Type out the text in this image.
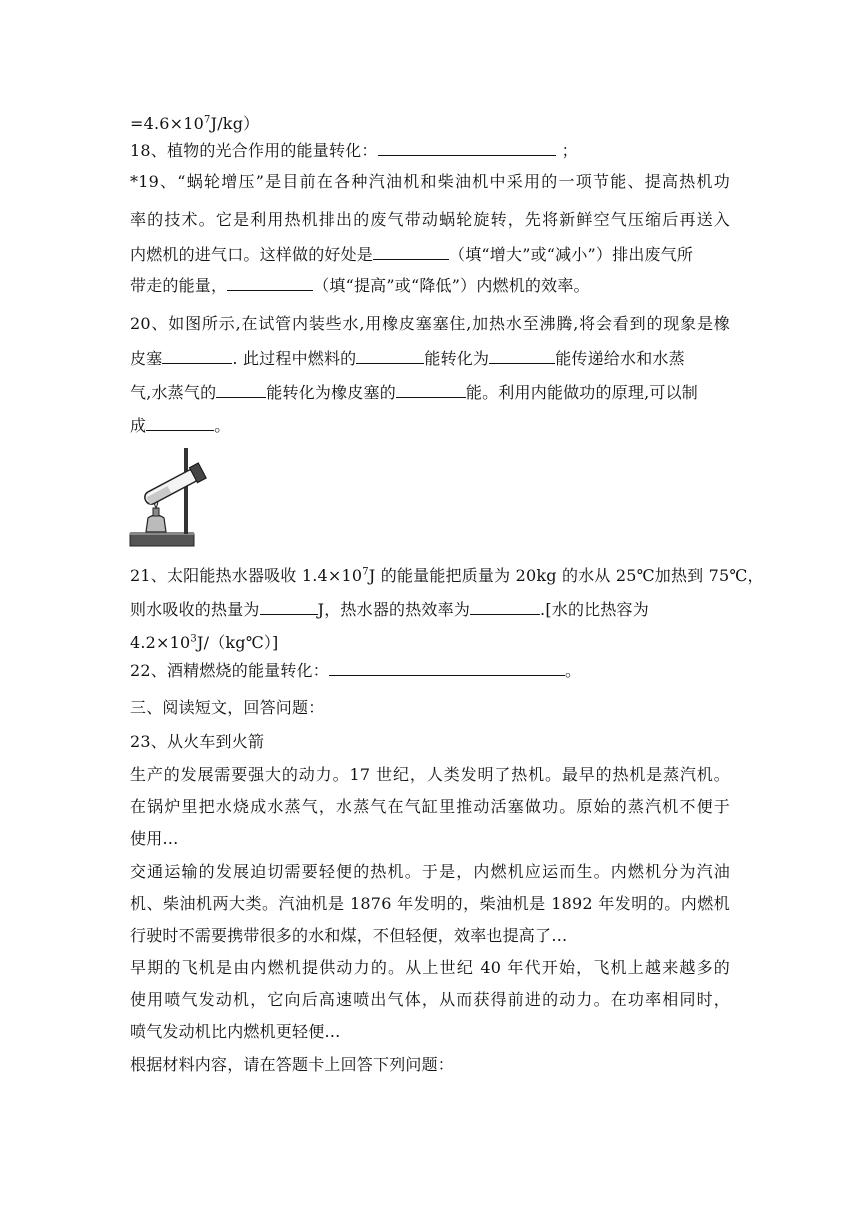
$=4.6\times 10^7J/kg$）
18、植物的光合作用的能量转化：	；
*19、“蜗轮增压”是目前在各种汽油机和柴油机中采用的一项节能、提高热机功
率的技术。它是利用热机排出的废气带动蜗轮旋转，先将新鲜空气压缩后再送入
内燃机的进气口。这样做的好处是	（填“增大”或“减小”）排出废气所
带走的能量，	（填“提高”或“降低”）内燃机的效率。
20、如图所示,在试管内装些水,用橡皮塞塞住,加热水至沸腾,将会看到的现象是橡
皮塞	. 此过程中燃料的	能转化为	能传递给水和水蒸
气,水蒸气的	能转化为橡皮塞的	能。利用内能做功的原理,可以制
成	。
21、太阳能热水器吸收 $1.4\times 10^7J$ 的能量能把质量为 20kg 的水从 25℃加热到 75℃，
则水吸收的热量为	J，热水器的热效率为	.[水的比热容为
$4.2\times 10^3J/(kg℃)$]
22、酒精燃烧的能量转化：	。
三、阅读短文，回答问题：
23、从火车到火箭
生产的发展需要强大的动力。17 世纪，人类发明了热机。最早的热机是蒸汽机。
在锅炉里把水烧成水蒸气，水蒸气在气缸里推动活塞做功。原始的蒸汽机不便于
使用…
交通运输的发展迫切需要轻便的热机。于是，内燃机应运而生。内燃机分为汽油
机、柴油机两大类。汽油机是 1876 年发明的，柴油机是 1892 年发明的。内燃机
行驶时不需要携带很多的水和煤，不但轻便，效率也提高了…
早期的飞机是由内燃机提供动力的。从上世纪 40 年代开始，飞机上越来越多的
使用喷气发动机，它向后高速喷出气体，从而获得前进的动力。在功率相同时，
喷气发动机比内燃机更轻便…
根据材料内容，请在答题卡上回答下列问题：
